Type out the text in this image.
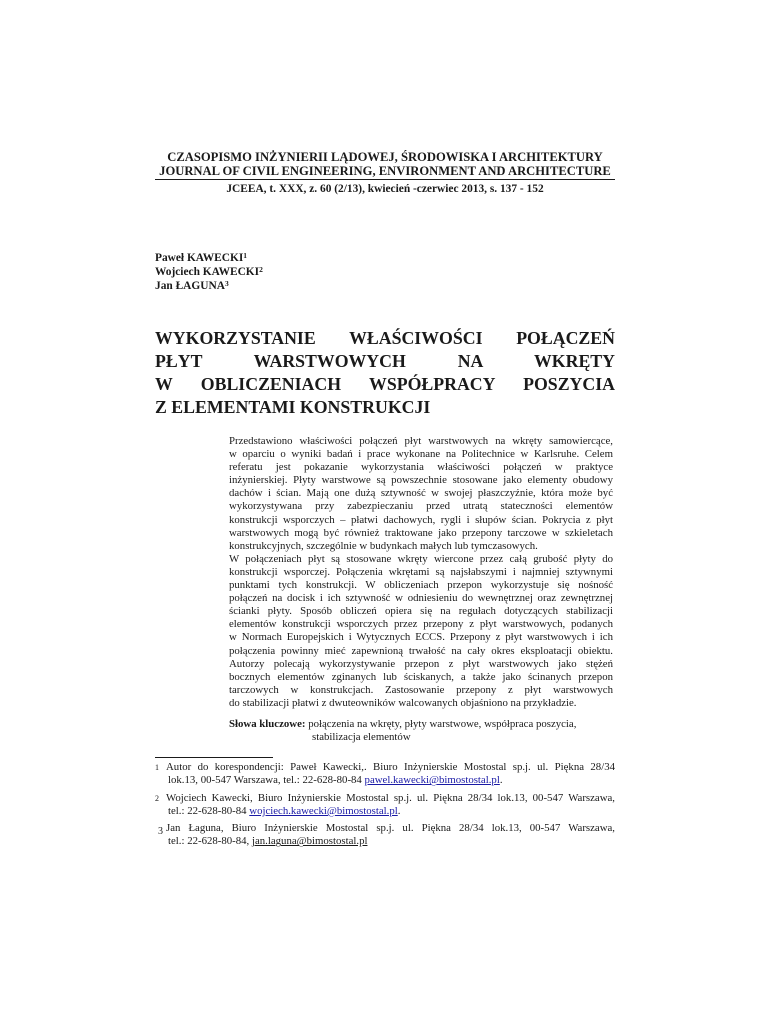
CZASOPISMO INŻYNIERII LĄDOWEJ, ŚRODOWISKA I ARCHITEKTURY
JOURNAL OF CIVIL ENGINEERING, ENVIRONMENT AND ARCHITECTURE
JCEEA, t. XXX, z. 60 (2/13), kwiecień -czerwiec 2013, s. 137 - 152
Paweł KAWECKI$^1$
Wojciech KAWECKI$^2$
Jan ŁAGUNA$^3$
WYKORZYSTANIE WŁAŚCIWOŚCI POŁĄCZEŃ
PŁYT WARSTWOWYCH NA WKRĘTY
W OBLICZENIACH WSPÓŁPRACY POSZYCIA
Z ELEMENTAMI KONSTRUKCJI
Przedstawiono właściwości połączeń płyt warstwowych na wkręty samowiercące,
w oparciu o wyniki badań i prace wykonane na Politechnice w Karlsruhe. Celem
referatu jest pokazanie wykorzystania właściwości połączeń w praktyce
inżynierskiej. Płyty warstwowe są powszechnie stosowane jako elementy obudowy
dachów i ścian. Mają one dużą sztywność w swojej płaszczyźnie, która może być
wykorzystywana przy zabezpieczaniu przed utratą stateczności elementów
konstrukcji wsporczych – płatwi dachowych, rygli i słupów ścian. Pokrycia z płyt
warstwowych mogą być również traktowane jako przepony tarczowe w szkieletach
konstrukcyjnych, szczególnie w budynkach małych lub tymczasowych.
W połączeniach płyt są stosowane wkręty wiercone przez całą grubość płyty do
konstrukcji wsporczej. Połączenia wkrętami są najsłabszymi i najmniej sztywnymi
punktami tych konstrukcji. W obliczeniach przepon wykorzystuje się nośność
połączeń na docisk i ich sztywność w odniesieniu do wewnętrznej oraz zewnętrznej
ścianki płyty. Sposób obliczeń opiera się na regułach dotyczących stabilizacji
elementów konstrukcji wsporczych przez przepony z płyt warstwowych, podanych
w Normach Europejskich i Wytycznych ECCS. Przepony z płyt warstwowych i ich
połączenia powinny mieć zapewnioną trwałość na cały okres eksploatacji obiektu.
Autorzy polecają wykorzystywanie przepon z płyt warstwowych jako stężeń
bocznych elementów zginanych lub ściskanych, a także jako ścinanych przepon
tarczowych w konstrukcjach. Zastosowanie przepony z płyt warstwowych
do stabilizacji płatwi z dwuteowników walcowanych objaśniono na przykładzie.
Słowa kluczowe: połączenia na wkręty, płyty warstwowe, współpraca poszycia,
stabilizacja elementów
1 Autor do korespondencji: Paweł Kawecki,. Biuro Inżynierskie Mostostal sp.j. ul. Piękna 28/34
lok.13, 00-547 Warszawa, tel.: 22-628-80-84 pawel.kawecki@bimostostal.pl.
2 Wojciech Kawecki, Biuro Inżynierskie Mostostal sp.j. ul. Piękna 28/34 lok.13, 00-547 Warszawa,
tel.: 22-628-80-84 wojciech.kawecki@bimostostal.pl.
3 Jan Łaguna, Biuro Inżynierskie Mostostal sp.j. ul. Piękna 28/34 lok.13, 00-547 Warszawa,
tel.: 22-628-80-84, jan.laguna@bimostostal.pl
